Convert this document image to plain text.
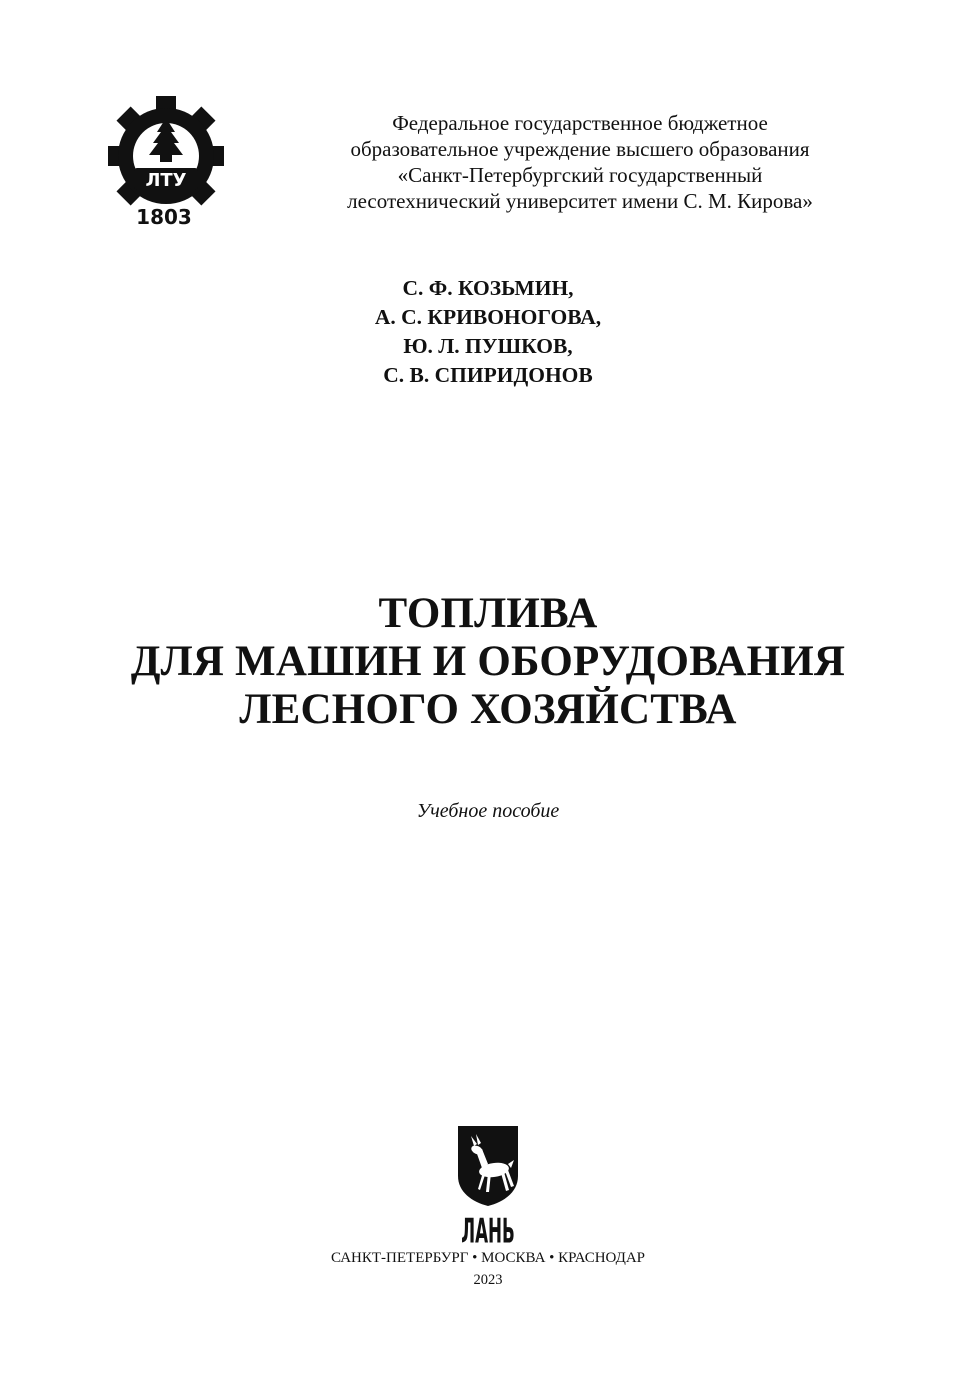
ЛТУ
1803
Федеральное государственное бюджетное
образовательное учреждение высшего образования
«Санкт-Петербургский государственный
лесотехнический университет имени С. М. Кирова»
С. Ф. КОЗЬМИН,
А. С. КРИВОНОГОВА,
Ю. Л. ПУШКОВ,
С. В. СПИРИДОНОВ
ТОПЛИВА
ДЛЯ МАШИН И ОБОРУДОВАНИЯ
ЛЕСНОГО ХОЗЯЙСТВА
Учебное пособие
ЛАНЬ
САНКТ-ПЕТЕРБУРГ • МОСКВА • КРАСНОДАР
2023
